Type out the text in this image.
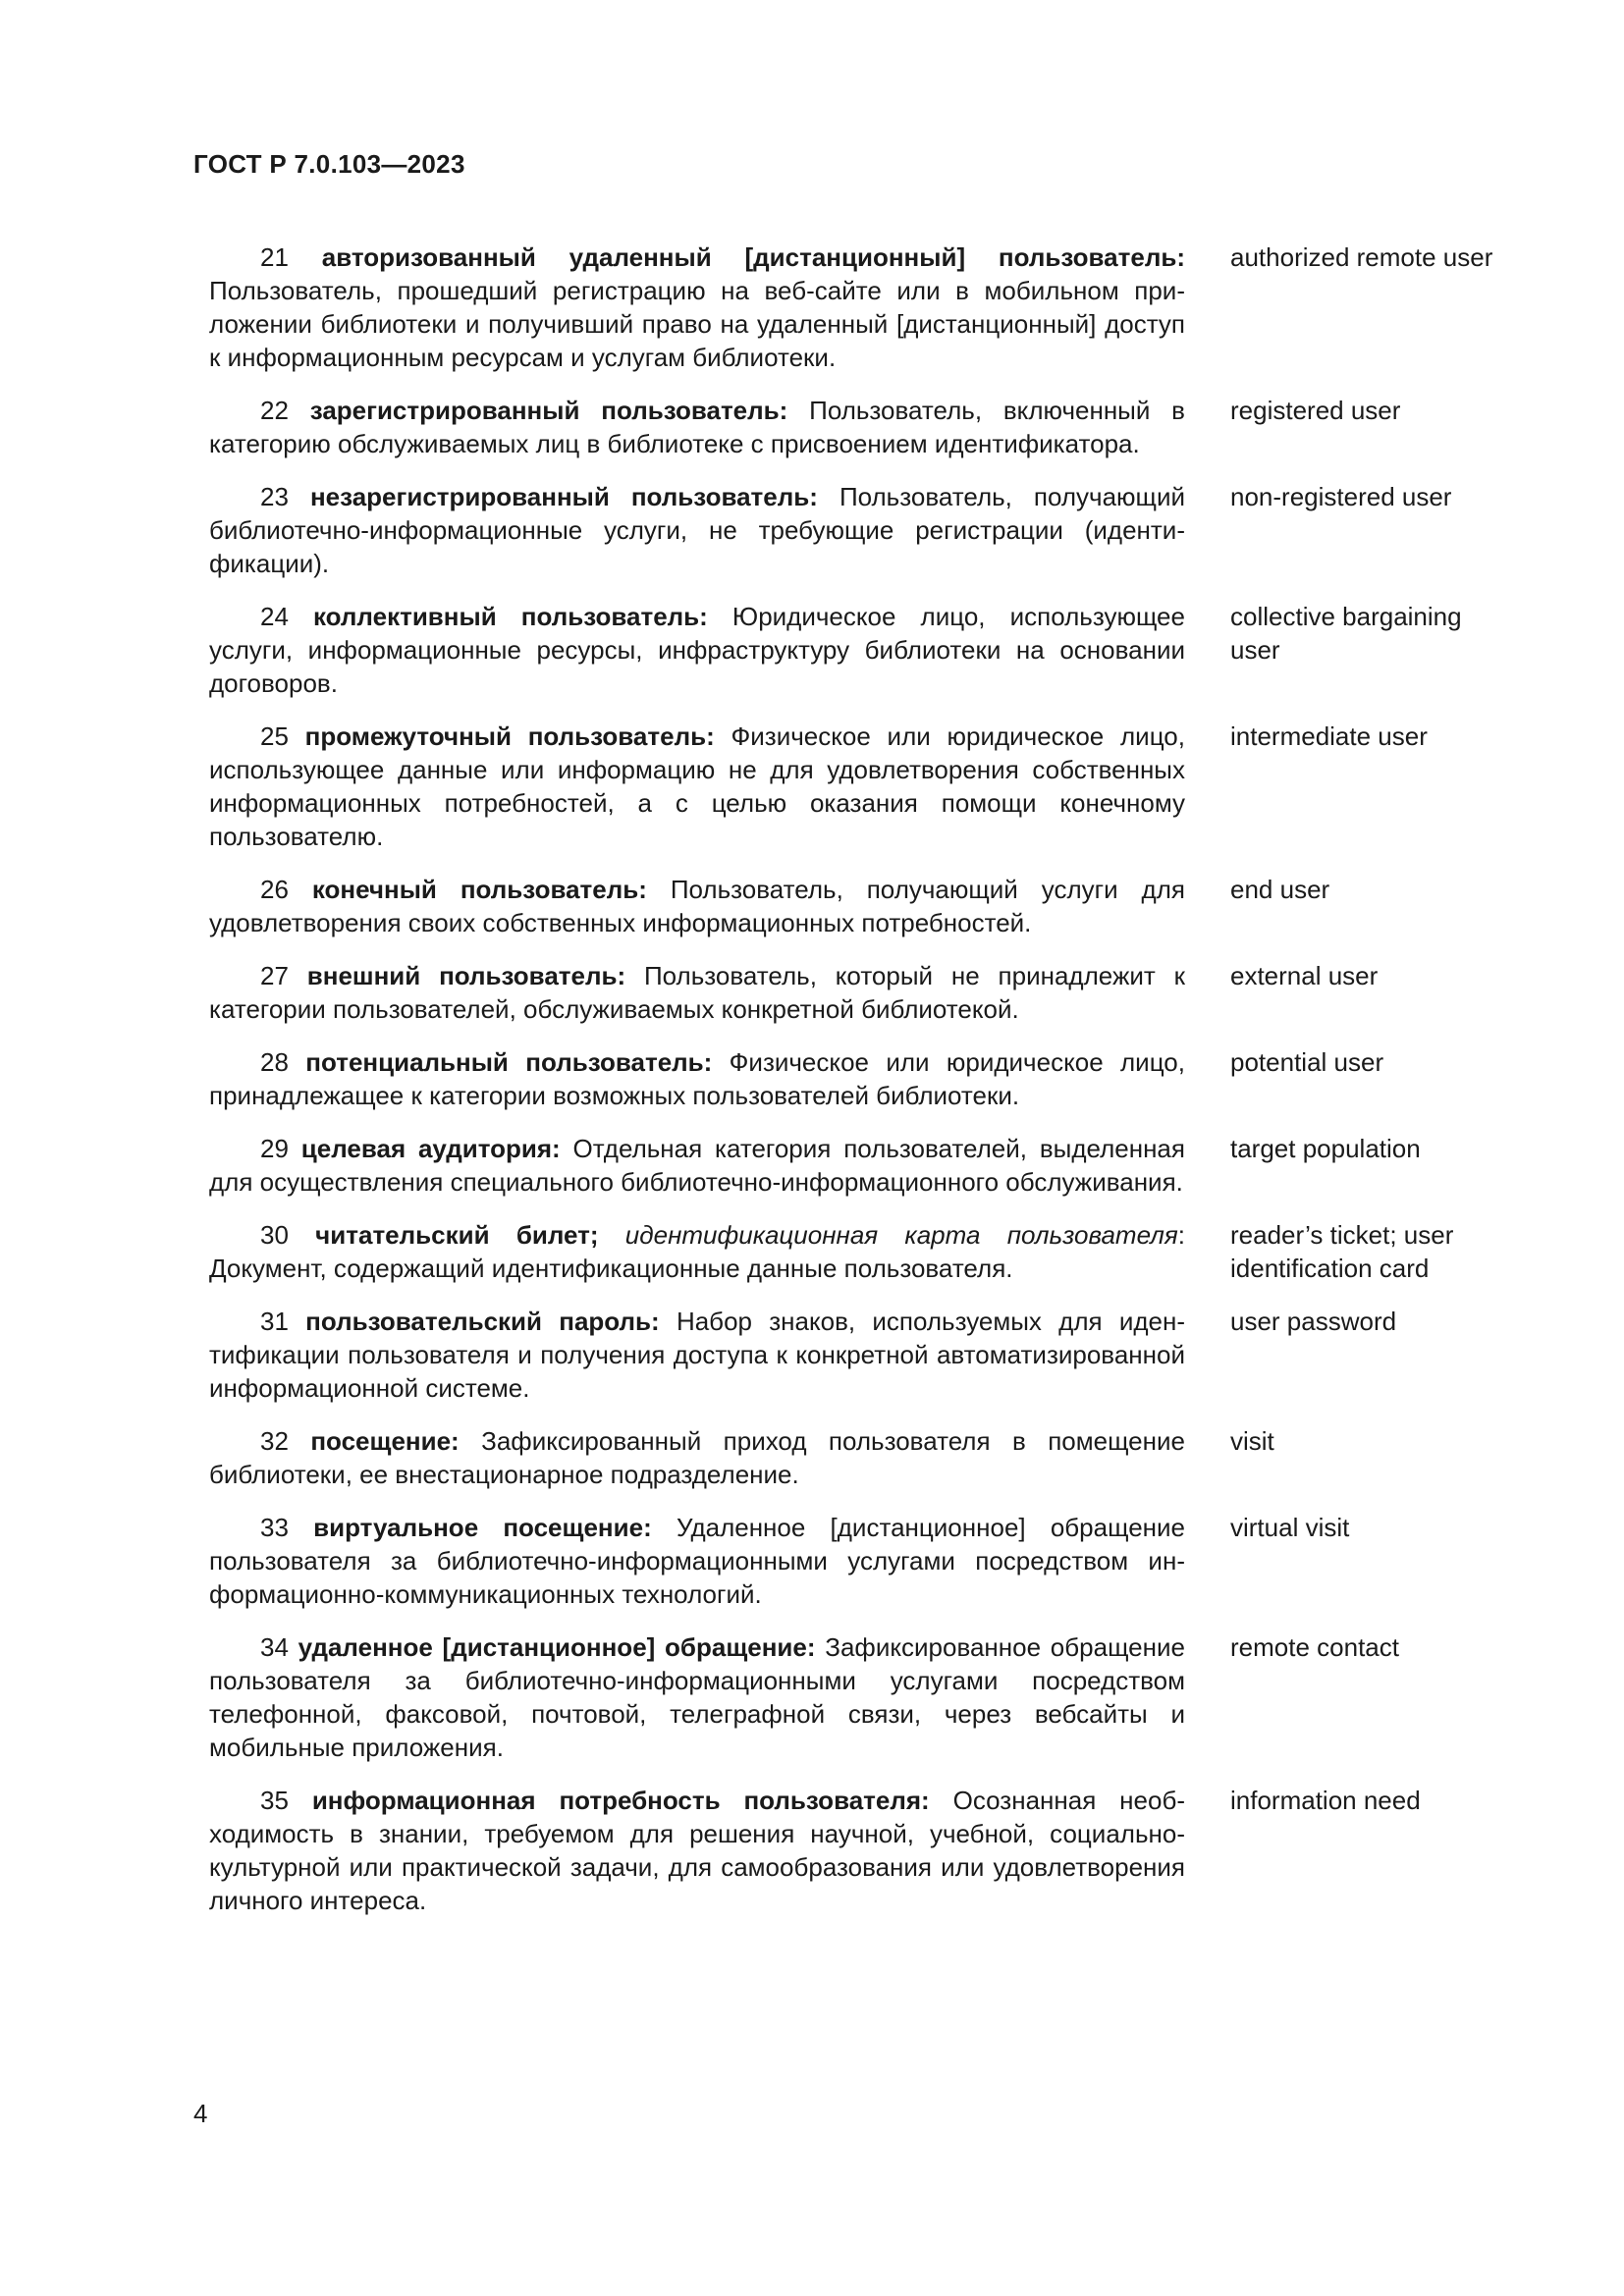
ГОСТ Р 7.0.103—2023
21 авторизованный удаленный [дистанционный] пользователь: Пользователь, прошедший регистрацию на веб-сайте или в мобильном приложении библиотеки и получивший право на удаленный [дистанционный] доступ к информационным ресурсам и услугам библиотеки.
authorized remote user
22 зарегистрированный пользователь: Пользователь, включенный в категорию обслуживаемых лиц в библиотеке с присвоением идентификатора.
registered user
23 незарегистрированный пользователь: Пользователь, получающий библиотечно-информационные услуги, не требующие регистрации (идентификации).
non-registered user
24 коллективный пользователь: Юридическое лицо, использующее услуги, информационные ресурсы, инфраструктуру библиотеки на основании договоров.
collective bargaining user
25 промежуточный пользователь: Физическое или юридическое лицо, использующее данные или информацию не для удовлетворения собственных информационных потребностей, а с целью оказания помощи конечному пользователю.
intermediate user
26 конечный пользователь: Пользователь, получающий услуги для удовлетворения своих собственных информационных потребностей.
end user
27 внешний пользователь: Пользователь, который не принадлежит к категории пользователей, обслуживаемых конкретной библиотекой.
external user
28 потенциальный пользователь: Физическое или юридическое лицо, принадлежащее к категории возможных пользователей библиотеки.
potential user
29 целевая аудитория: Отдельная категория пользователей, выделенная для осуществления специального библиотечно-информационного обслуживания.
target population
30 читательский билет; идентификационная карта пользователя: Документ, содержащий идентификационные данные пользователя.
reader’s ticket; user identification card
31 пользовательский пароль: Набор знаков, используемых для идентификации пользователя и получения доступа к конкретной автоматизированной информационной системе.
user password
32 посещение: Зафиксированный приход пользователя в помещение библиотеки, ее внестационарное подразделение.
visit
33 виртуальное посещение: Удаленное [дистанционное] обращение пользователя за библиотечно-информационными услугами посредством информационно-коммуникационных технологий.
virtual visit
34 удаленное [дистанционное] обращение: Зафиксированное обращение пользователя за библиотечно-информационными услугами посредством телефонной, факсовой, почтовой, телеграфной связи, через вебсайты и мобильные приложения.
remote contact
35 информационная потребность пользователя: Осознанная необходимость в знании, требуемом для решения научной, учебной, социально-культурной или практической задачи, для самообразования или удовлетворения личного интереса.
information need
4
